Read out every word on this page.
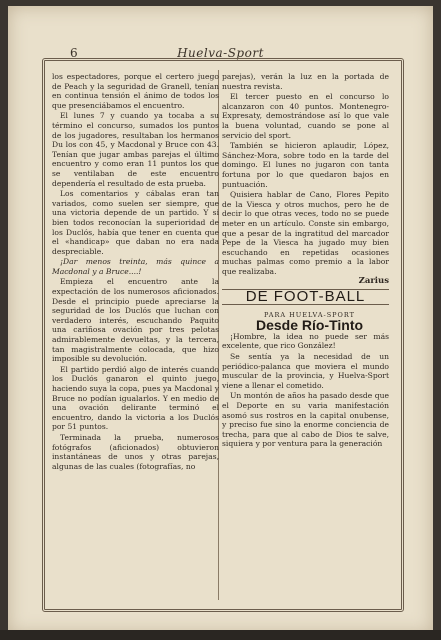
6	Huelva-Sport

los espectadores, porque el certero juego de Peach y la seguridad de Granell, tenían en continua tensión el ánimo de todos los que presenciábamos el encuentro.

El lunes 7 y cuando ya tocaba a su término el concurso, sumados los puntos de los jugadores, resultaban los hermanos Du los con 45, y Macdonal y Bruce con 43. Tenían que jugar ambas parejas el último encuentro y como eran 11 puntos los que se ventilaban de este encuentro dependería el resultado de esta prueba.

Los comentarios y cábalas eran tan variados, como suelen ser siempre, que una victoria depende de un partido. Y si bien todos reconocían la superioridad de los Duclós, había que tener en cuenta que el «handicap» que daban no era nada despreciable.

¡Dar menos treinta, más quince a Macdonal y a Bruce....!

Empieza el encuentro ante la expectación de los numerosos aficionados. Desde el principio puede apreciarse la seguridad de los Duclós que luchan con verdadero interés, escuchando Paquito una cariñosa ovación por tres pelotas admirablemente devueltas, y la tercera, tan magistralmente colocada, que hizo imposible su devolución.

El partido perdió algo de interés cuando los Duclós ganaron el quinto juego, haciendo suya la copa, pues ya Macdonal y Bruce no podían igualarlos. Y en medio de una ovación delirante terminó el encuentro, dando la victoria a los Duclós por 51 puntos.

Terminada la prueba, numerosos fotógrafos (aficionados) obtuvieron instantáneas de unos y otras parejas, algunas de las cuales (fotografías, no

parejas), verán la luz en la portada de nuestra revista.

El tercer puesto en el concurso lo alcanzaron con 40 puntos. Montenegro-Expresaty, demostrándose así lo que vale la buena voluntad, cuando se pone al servicio del sport.

También se hicieron aplaudir, López, Sánchez-Mora, sobre todo en la tarde del domingo. El lunes no jugaron con tanta fortuna por lo que quedaron bajos en puntuación.

Quisiera hablar de Cano, Flores Pepito de la Viesca y otros muchos, pero he de decir lo que otras veces, todo no se puede meter en un artículo. Conste sin embargo, que a pesar de la ingratitud del marcador Pepe de la Viesca ha jugado muy bien escuchando en repetidas ocasiones muchas palmas como premio a la labor que realizaba.

Zarius

DE FOOT-BALL

PARA HUELVA-SPORT

Desde Río-Tinto

¡Hombre, la idea no puede ser más excelente, que rico González!

Se sentía ya la necesidad de un periódico-palanca que moviera el mundo muscular de la provincia, y Huelva-Sport viene a llenar el cometido.

Un montón de años ha pasado desde que el Deporte en su varia manifestación asomó sus rostros en la capital onubense, y preciso fue sino la enorme conciencia de trecha, para que al cabo de Dios te salve, siquiera y por ventura para la generación
